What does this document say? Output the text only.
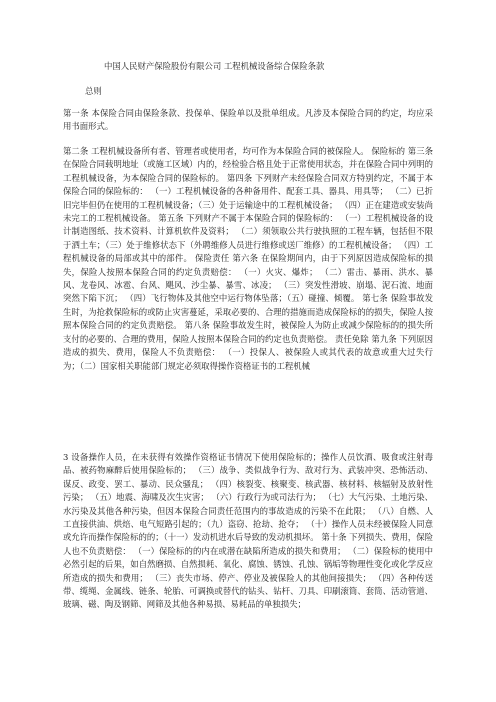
中国人民财产保险股份有限公司 工程机械设备综合保险条款
总则

第一条 本保险合同由保险条款、投保单、保险单以及批单组成。凡涉及本保险合同的约定，均应采用书面形式。

第二条 工程机械设备所有者、管理者或使用者，均可作为本保险合同的被保险人。 保险标的 第三条 在保险合同载明地址（或施工区域）内的，经检验合格且处于正常使用状态，并在保险合同中列明的工程机械设备，为本保险合同的保险标的。 第四条 下列财产未经保险合同双方特别约定，不属于本保险合同的保险标的： （一）工程机械设备的各种备用件、配套工具、器具、用具等； （二）已折旧完毕但仍在使用的工程机械设备；（三）处于运输途中的工程机械设备； （四）正在建造或安装尚未完工的工程机械设备。 第五条 下列财产不属于本保险合同的保险标的： （一）工程机械设备的设计制造图纸、技术资料、计算机软件及资料； （二）须领取公共行驶执照的工程车辆，包括但不限于洒土车；（三）处于维修状态下（外聘维修人员进行维修或送厂维修）的工程机械设备； （四）工程机械设备的局部或其中的部件。 保险责任 第六条 在保险期间内，由于下列原因造成保险标的损失，保险人按照本保险合同的约定负责赔偿： （一）火灾、爆炸； （二）雷击、暴雨、洪水、暴风、龙卷风、冰雹、台风、飓风、沙尘暴、暴雪、冰凌； （三）突发性滑坡、崩塌、泥石流、地面突然下陷下沉； （四）飞行物体及其他空中运行物体坠落；（五）碰撞、倾覆。 第七条 保险事故发生时，为抢救保险标的或防止灾害蔓延，采取必要的、合理的措施而造成保险标的的损失，保险人按照本保险合同的约定负责赔偿。 第八条 保险事故发生时，被保险人为防止或减少保险标的的损失所支付的必要的、合理的费用，保险人按照本保险合同的约定也负责赔偿。 责任免除 第九条 下列原因造成的损失、费用，保险人不负责赔偿： （一）投保人、被保险人或其代表的故意或重大过失行为；（二）国家相关职能部门规定必须取得操作资格证书的工程机械

3 设备操作人员，在未获得有效操作资格证书情况下使用保险标的；操作人员饮酒、吸食或注射毒品、被药物麻醉后使用保险标的； （三）战争、类似战争行为、敌对行为、武装冲突、恐怖活动、谋反、政变、罢工、暴动、民众骚乱； （四）核裂变、核聚变、核武器、核材料、核辐射及放射性污染； （五）地震、海啸及次生灾害； （六）行政行为或司法行为； （七）大气污染、土地污染、水污染及其他各种污染，但因本保险合同责任范围内的事故造成的污染不在此限； （八）自燃、人工直接供油、烘焙、电气短路引起的；（九）盗窃、抢劫、抢夺； （十）操作人员未经被保险人同意或允许而操作保险标的的；（十一）发动机进水后导致的发动机损坏。 第十条 下列损失、费用，保险人也不负责赔偿： （一）保险标的的内在或潜在缺陷所造成的损失和费用； （二）保险标的使用中必然引起的后果，如自然磨损、自然损耗、氧化、腐蚀、锈蚀、孔蚀、锅垢等物理性变化或化学反应所造成的损失和费用； （三）丧失市场、停产、停业及被保险人的其他间接损失； （四）各种传送带、缆绳、金属线、链条、轮胎、可调换或替代的钻头、钻杆、刀具、印刷滚筒、套筒、活动管道、玻璃、磁、陶及钢筛、网筛及其他各种易损、易耗品的单独损失；
